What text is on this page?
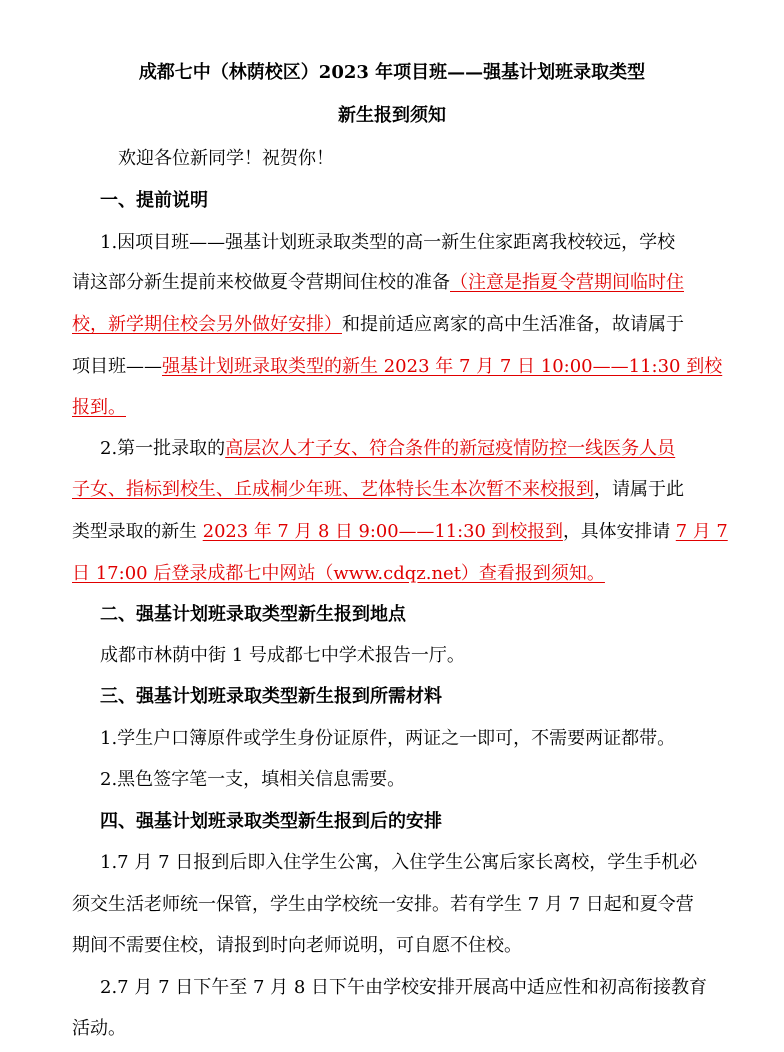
成都七中（林荫校区）2023 年项目班——强基计划班录取类型
新生报到须知
欢迎各位新同学！祝贺你！
一、提前说明
1.因项目班——强基计划班录取类型的高一新生住家距离我校较远，学校
请这部分新生提前来校做夏令营期间住校的准备（注意是指夏令营期间临时住
校，新学期住校会另外做好安排）和提前适应离家的高中生活准备，故请属于
项目班——强基计划班录取类型的新生 2023 年 7 月 7 日 10:00——11:30 到校
报到。
2.第一批录取的高层次人才子女、符合条件的新冠疫情防控一线医务人员
子女、指标到校生、丘成桐少年班、艺体特长生本次暂不来校报到，请属于此
类型录取的新生 2023 年 7 月 8 日 9:00——11:30 到校报到，具体安排请 7 月 7
日 17:00 后登录成都七中网站（www.cdqz.net）查看报到须知。
二、强基计划班录取类型新生报到地点
成都市林荫中街 1 号成都七中学术报告一厅。
三、强基计划班录取类型新生报到所需材料
1.学生户口簿原件或学生身份证原件，两证之一即可，不需要两证都带。
2.黑色签字笔一支，填相关信息需要。
四、强基计划班录取类型新生报到后的安排
1.7 月 7 日报到后即入住学生公寓，入住学生公寓后家长离校，学生手机必
须交生活老师统一保管，学生由学校统一安排。若有学生 7 月 7 日起和夏令营
期间不需要住校，请报到时向老师说明，可自愿不住校。
2.7 月 7 日下午至 7 月 8 日下午由学校安排开展高中适应性和初高衔接教育
活动。
